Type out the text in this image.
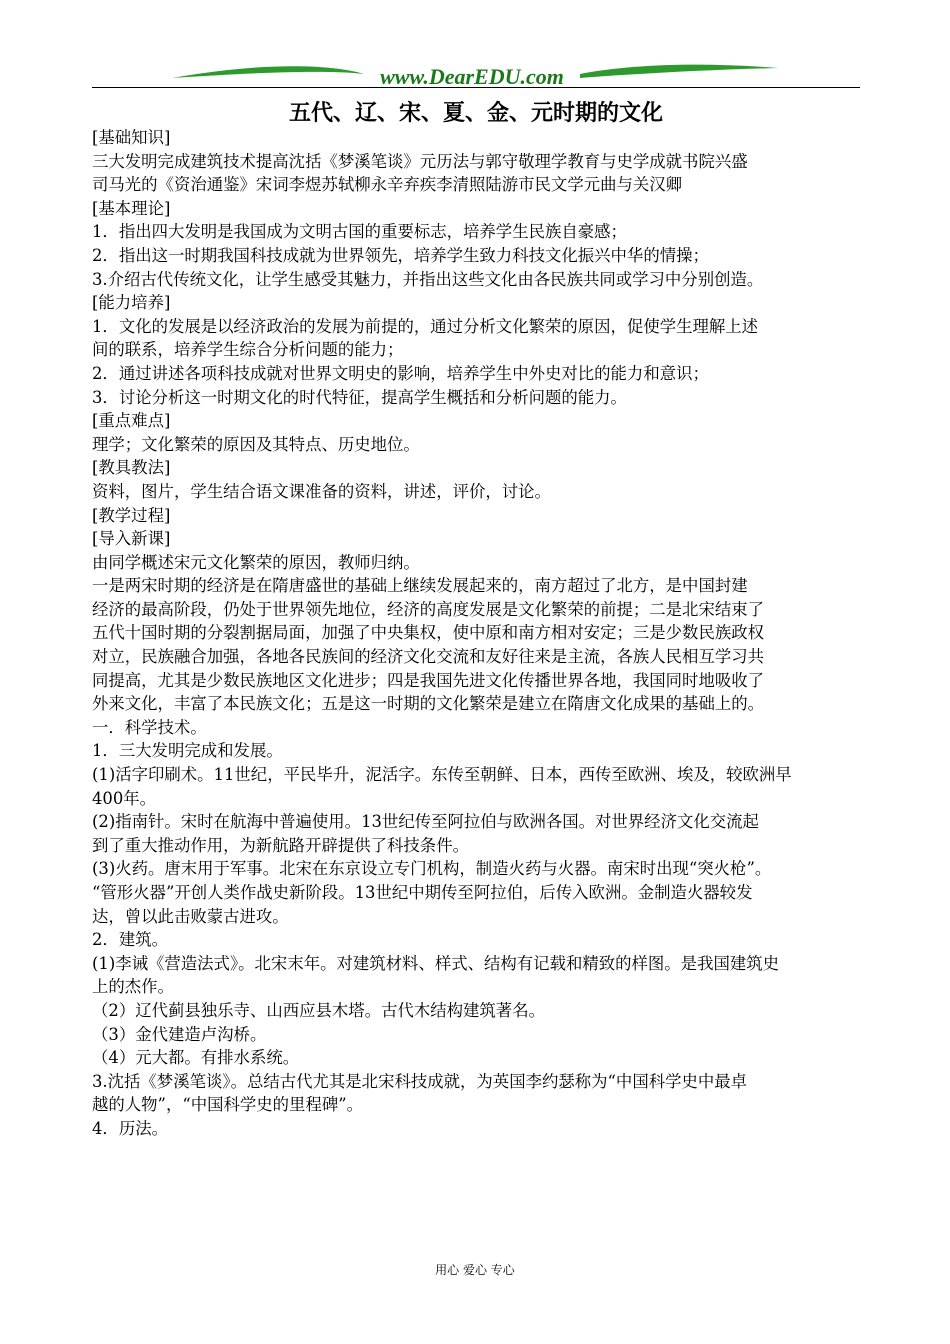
www.DearEDU.com
五代、辽、宋、夏、金、元时期的文化
[基础知识]
三大发明完成建筑技术提高沈括《梦溪笔谈》元历法与郭守敬理学教育与史学成就书院兴盛
司马光的《资治通鉴》宋词李煜苏轼柳永辛弃疾李清照陆游市民文学元曲与关汉卿
[基本理论]
1．指出四大发明是我国成为文明古国的重要标志，培养学生民族自豪感；
2．指出这一时期我国科技成就为世界领先，培养学生致力科技文化振兴中华的情操；
3.介绍古代传统文化，让学生感受其魅力，并指出这些文化由各民族共同或学习中分别创造。
[能力培养]
1．文化的发展是以经济政治的发展为前提的，通过分析文化繁荣的原因，促使学生理解上述
间的联系，培养学生综合分析问题的能力；
2．通过讲述各项科技成就对世界文明史的影响，培养学生中外史对比的能力和意识；
3．讨论分析这一时期文化的时代特征，提高学生概括和分析问题的能力。
[重点难点]
理学；文化繁荣的原因及其特点、历史地位。
[教具教法]
资料，图片，学生结合语文课准备的资料，讲述，评价，讨论。
[教学过程]
[导入新课]
由同学概述宋元文化繁荣的原因，教师归纳。
一是两宋时期的经济是在隋唐盛世的基础上继续发展起来的，南方超过了北方，是中国封建
经济的最高阶段，仍处于世界领先地位，经济的高度发展是文化繁荣的前提；二是北宋结束了
五代十国时期的分裂割据局面，加强了中央集权，使中原和南方相对安定；三是少数民族政权
对立，民族融合加强，各地各民族间的经济文化交流和友好往来是主流，各族人民相互学习共
同提高，尤其是少数民族地区文化进步；四是我国先进文化传播世界各地，我国同时地吸收了
外来文化，丰富了本民族文化；五是这一时期的文化繁荣是建立在隋唐文化成果的基础上的。
一．科学技术。
1．三大发明完成和发展。
(1)活字印刷术。11世纪，平民毕升，泥活字。东传至朝鲜、日本，西传至欧洲、埃及，较欧洲早
400年。
(2)指南针。宋时在航海中普遍使用。13世纪传至阿拉伯与欧洲各国。对世界经济文化交流起
到了重大推动作用，为新航路开辟提供了科技条件。
(3)火药。唐末用于军事。北宋在东京设立专门机构，制造火药与火器。南宋时出现“突火枪”。
“管形火器”开创人类作战史新阶段。13世纪中期传至阿拉伯，后传入欧洲。金制造火器较发
达，曾以此击败蒙古进攻。
2．建筑。
(1)李诫《营造法式》。北宋末年。对建筑材料、样式、结构有记载和精致的样图。是我国建筑史
上的杰作。
（2）辽代蓟县独乐寺、山西应县木塔。古代木结构建筑著名。
（3）金代建造卢沟桥。
（4）元大都。有排水系统。
3.沈括《梦溪笔谈》。总结古代尤其是北宋科技成就，为英国李约瑟称为“中国科学史中最卓
越的人物”，“中国科学史的里程碑”。
4．历法。
用心 爱心 专心
